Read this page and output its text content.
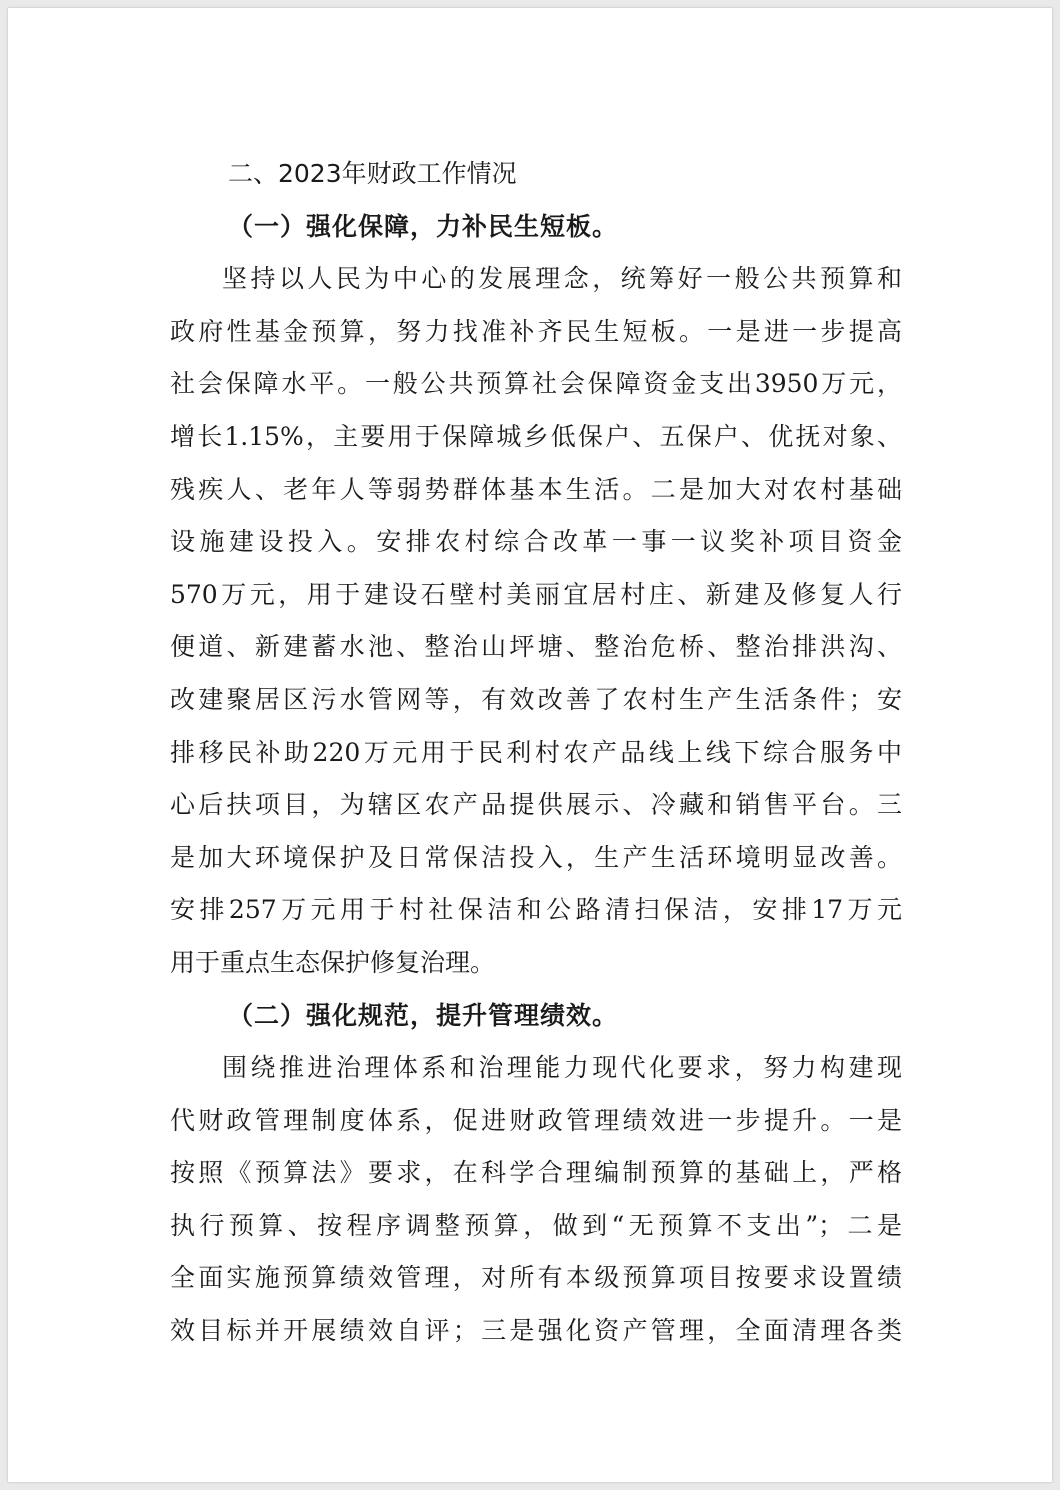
二、2023年财政工作情况
（一）强化保障，力补民生短板。
坚持以人民为中心的发展理念，统筹好一般公共预算和
政府性基金预算，努力找准补齐民生短板。一是进一步提高
社会保障水平。一般公共预算社会保障资金支出3950万元，
增长1.15%，主要用于保障城乡低保户、五保户、优抚对象、
残疾人、老年人等弱势群体基本生活。二是加大对农村基础
设施建设投入。安排农村综合改革一事一议奖补项目资金
570万元，用于建设石壁村美丽宜居村庄、新建及修复人行
便道、新建蓄水池、整治山坪塘、整治危桥、整治排洪沟、
改建聚居区污水管网等，有效改善了农村生产生活条件；安
排移民补助220万元用于民利村农产品线上线下综合服务中
心后扶项目，为辖区农产品提供展示、冷藏和销售平台。三
是加大环境保护及日常保洁投入，生产生活环境明显改善。
安排257万元用于村社保洁和公路清扫保洁，安排17万元
用于重点生态保护修复治理。
（二）强化规范，提升管理绩效。
围绕推进治理体系和治理能力现代化要求，努力构建现
代财政管理制度体系，促进财政管理绩效进一步提升。一是
按照《预算法》要求，在科学合理编制预算的基础上，严格
执行预算、按程序调整预算，做到“无预算不支出”；二是
全面实施预算绩效管理，对所有本级预算项目按要求设置绩
效目标并开展绩效自评；三是强化资产管理，全面清理各类
